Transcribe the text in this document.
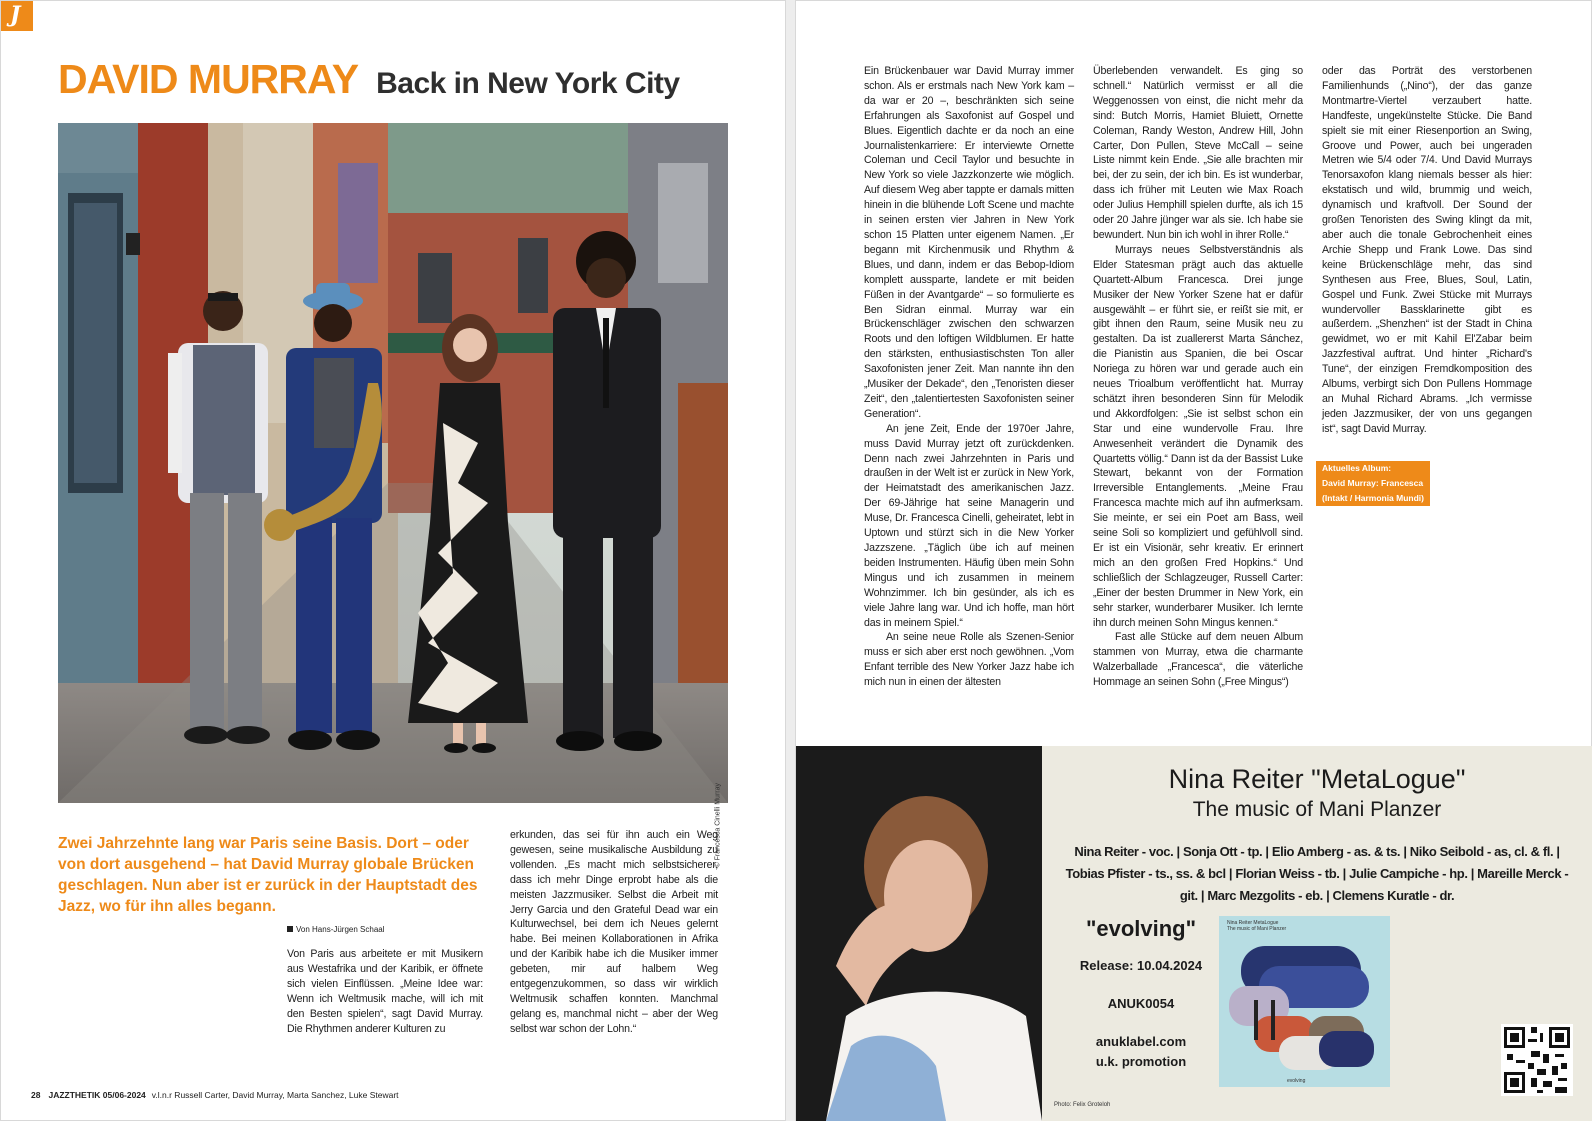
J
DAVID MURRAY Back in New York City
© Francesca Cinelli Murray
Zwei Jahrzehnte lang war Paris seine Basis. Dort – oder von dort ausgehend – hat David Murray globale Brücken geschlagen. Nun aber ist er zurück in der Hauptstadt des Jazz, wo für ihn alles begann.
Von Hans-Jürgen Schaal

Von Paris aus arbeitete er mit Musikern aus Westafrika und der Karibik, er öffnete sich vielen Einflüssen. „Meine Idee war: Wenn ich Weltmusik mache, will ich mit den Besten spielen“, sagt David Murray. Die Rhythmen anderer Kulturen zu

erkunden, das sei für ihn auch ein Weg gewesen, seine musikalische Ausbildung zu vollenden. „Es macht mich selbstsicherer, dass ich mehr Dinge erprobt habe als die meisten Jazzmusiker. Selbst die Arbeit mit Jerry Garcia und den Grateful Dead war ein Kulturwechsel, bei dem ich Neues gelernt habe. Bei meinen Kollaborationen in Afrika und der Karibik habe ich die Musiker immer gebeten, mir auf halbem Weg entgegenzukommen, so dass wir wirklich Weltmusik schaffen konnten. Manchmal gelang es, manchmal nicht – aber der Weg selbst war schon der Lohn.“

28 JAZZTHETIK 05/06-2024 v.l.n.r Russell Carter, David Murray, Marta Sanchez, Luke Stewart

Ein Brückenbauer war David Murray immer schon. Als er erstmals nach New York kam – da war er 20 –, beschränkten sich seine Erfahrungen als Saxofonist auf Gospel und Blues. Eigentlich dachte er da noch an eine Journalistenkarriere: Er interviewte Ornette Coleman und Cecil Taylor und besuchte in New York so viele Jazzkonzerte wie möglich. Auf diesem Weg aber tappte er damals mitten hinein in die blühende Loft Scene und machte in seinen ersten vier Jahren in New York schon 15 Platten unter eigenem Namen. „Er begann mit Kirchenmusik und Rhythm & Blues, und dann, indem er das Bebop-Idiom komplett aussparte, landete er mit beiden Füßen in der Avantgarde“ – so formulierte es Ben Sidran einmal. Murray war ein Brückenschläger zwischen den schwarzen Roots und den loftigen Wildblumen. Er hatte den stärksten, enthusiastischsten Ton aller Saxofonisten jener Zeit. Man nannte ihn den „Musiker der Dekade“, den „Tenoristen dieser Zeit“, den „talentiertesten Saxofonisten seiner Generation“.

An jene Zeit, Ende der 1970er Jahre, muss David Murray jetzt oft zurückdenken. Denn nach zwei Jahrzehnten in Paris und draußen in der Welt ist er zurück in New York, der Heimatstadt des amerikanischen Jazz. Der 69-Jährige hat seine Managerin und Muse, Dr. Francesca Cinelli, geheiratet, lebt in Uptown und stürzt sich in die New Yorker Jazzszene. „Täglich übe ich auf meinen beiden Instrumenten. Häufig üben mein Sohn Mingus und ich zusammen in meinem Wohnzimmer. Ich bin gesünder, als ich es viele Jahre lang war. Und ich hoffe, man hört das in meinem Spiel.“

An seine neue Rolle als Szenen-Senior muss er sich aber erst noch gewöhnen. „Vom Enfant terrible des New Yorker Jazz habe ich mich nun in einen der ältesten

Überlebenden verwandelt. Es ging so schnell.“ Natürlich vermisst er all die Weggenossen von einst, die nicht mehr da sind: Butch Morris, Hamiet Bluiett, Ornette Coleman, Randy Weston, Andrew Hill, John Carter, Don Pullen, Steve McCall – seine Liste nimmt kein Ende. „Sie alle brachten mir bei, der zu sein, der ich bin. Es ist wunderbar, dass ich früher mit Leuten wie Max Roach oder Julius Hemphill spielen durfte, als ich 15 oder 20 Jahre jünger war als sie. Ich habe sie bewundert. Nun bin ich wohl in ihrer Rolle.“

Murrays neues Selbstverständnis als Elder Statesman prägt auch das aktuelle Quartett-Album Francesca. Drei junge Musiker der New Yorker Szene hat er dafür ausgewählt – er führt sie, er reißt sie mit, er gibt ihnen den Raum, seine Musik neu zu gestalten. Da ist zuallererst Marta Sánchez, die Pianistin aus Spanien, die bei Oscar Noriega zu hören war und gerade auch ein neues Trioalbum veröffentlicht hat. Murray schätzt ihren besonderen Sinn für Melodik und Akkordfolgen: „Sie ist selbst schon ein Star und eine wundervolle Frau. Ihre Anwesenheit verändert die Dynamik des Quartetts völlig.“ Dann ist da der Bassist Luke Stewart, bekannt von der Formation Irreversible Entanglements. „Meine Frau Francesca machte mich auf ihn aufmerksam. Sie meinte, er sei ein Poet am Bass, weil seine Soli so kompliziert und gefühlvoll sind. Er ist ein Visionär, sehr kreativ. Er erinnert mich an den großen Fred Hopkins.“ Und schließlich der Schlagzeuger, Russell Carter: „Einer der besten Drummer in New York, ein sehr starker, wunderbarer Musiker. Ich lernte ihn durch meinen Sohn Mingus kennen.“

Fast alle Stücke auf dem neuen Album stammen von Murray, etwa die charmante Walzerballade „Francesca“, die väterliche Hommage an seinen Sohn („Free Mingus“)

oder das Porträt des verstorbenen Familienhunds („Nino“), der das ganze Montmartre-Viertel verzaubert hatte. Handfeste, ungekünstelte Stücke. Die Band spielt sie mit einer Riesenportion an Swing, Groove und Power, auch bei ungeraden Metren wie 5/4 oder 7/4. Und David Murrays Tenorsaxofon klang niemals besser als hier: ekstatisch und wild, brummig und weich, dynamisch und kraftvoll. Der Sound der großen Tenoristen des Swing klingt da mit, aber auch die tonale Gebrochenheit eines Archie Shepp und Frank Lowe. Das sind keine Brückenschläge mehr, das sind Synthesen aus Free, Blues, Soul, Latin, Gospel und Funk. Zwei Stücke mit Murrays wundervoller Bassklarinette gibt es außerdem. „Shenzhen“ ist der Stadt in China gewidmet, wo er mit Kahil El'Zabar beim Jazzfestival auftrat. Und hinter „Richard's Tune“, der einzigen Fremdkomposition des Albums, verbirgt sich Don Pullens Hommage an Muhal Richard Abrams. „Ich vermisse jeden Jazzmusiker, der von uns gegangen ist“, sagt David Murray.

Aktuelles Album:
David Murray: Francesca
(Intakt / Harmonia Mundi)
Nina Reiter "MetaLogue"
The music of Mani Planzer
Nina Reiter - voc. | Sonja Ott - tp. | Elio Amberg - as. & ts. | Niko Seibold - as, cl. & fl. | Tobias Pfister - ts., ss. & bcl | Florian Weiss - tb. | Julie Campiche - hp. | Mareille Merck - git. | Marc Mezgolits - eb. | Clemens Kuratle - dr.
"evolving"
Release: 10.04.2024
ANUK0054
anuklabel.com
u.k. promotion
Nina Reiter MetaLogue
The music of Mani Planzer
evolving
Photo: Felix Groteloh
